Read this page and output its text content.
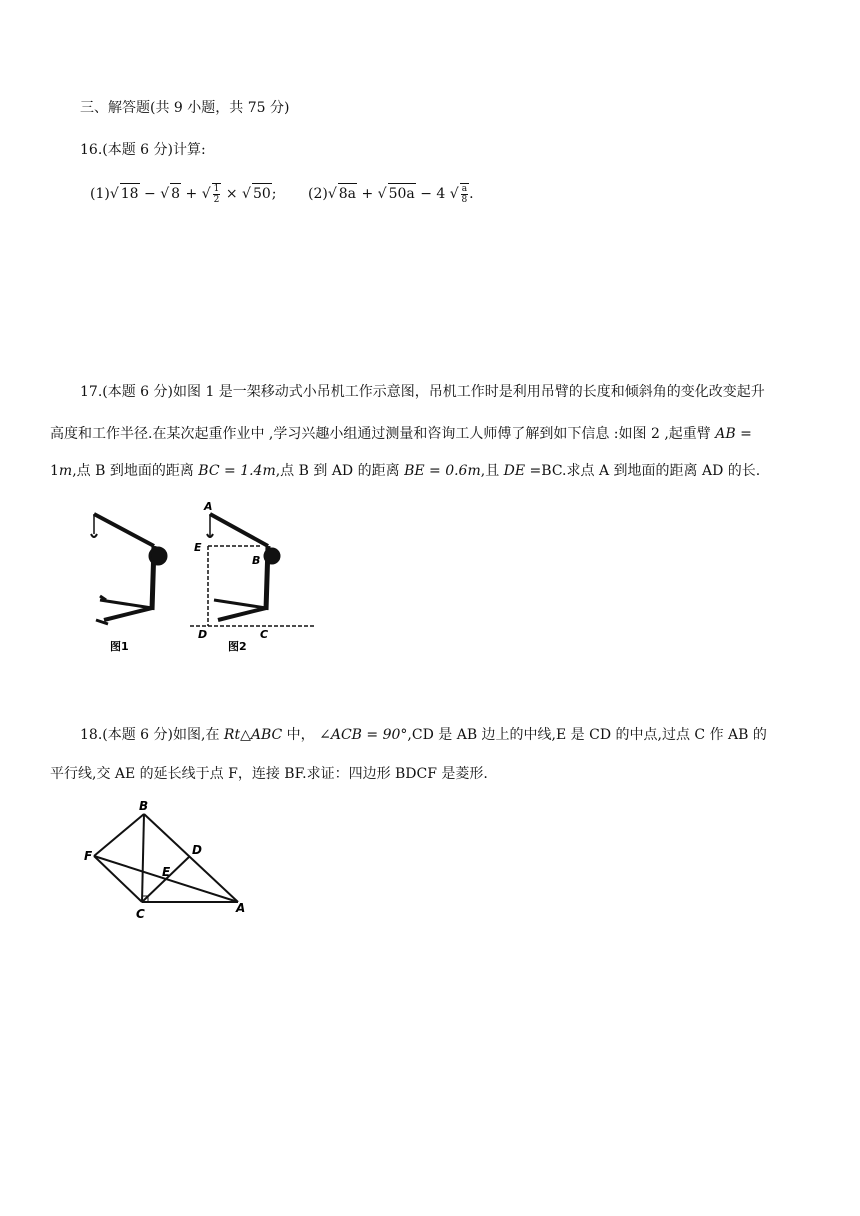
三、解答题(共 9 小题，共 75 分)
16.(本题 6 分)计算:
(1)√ 18 − √ 8 + √ $\frac{1}{2}$ × √ 50; (2)√ 8a + √ 50a − 4 √ $\frac{a}{8}$ .
17.(本题 6 分)如图 1 是一架移动式小吊机工作示意图，吊机工作时是利用吊臂的长度和倾斜角的变化改变起升
高度和工作半径.在某次起重作业中 ,学习兴趣小组通过测量和咨询工人师傅了解到如下信息 :如图 2 ,起重臂 AB =
1m,点 B 到地面的距离 BC = 1.4m,点 B 到 AD 的距离 BE = 0.6m,且 DE =BC.求点 A 到地面的距离 AD 的长.
图1
A
E
B
D	C
图2
18.(本题 6 分)如图,在 Rt△ABC 中， ∠ACB = 90°,CD 是 AB 边上的中线,E 是 CD 的中点,过点 C 作 AB 的
平行线,交 AE 的延长线于点 F，连接 BF.求证：四边形 BDCF 是菱形.
B
F	D
E
C	A
